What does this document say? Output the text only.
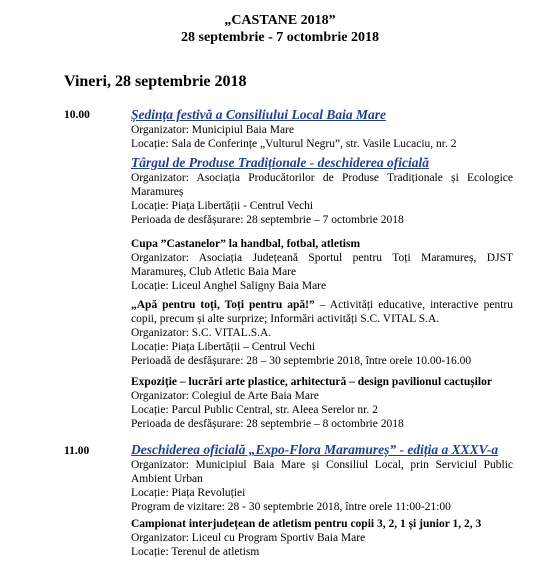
„CASTANE 2018”
28 septembrie - 7 octombrie 2018
Vineri, 28 septembrie 2018
10.00
11.00
Ședința festivă a Consiliului Local Baia Mare
Organizator: Municipiul Baia Mare
Locație: Sala de Conferințe „Vulturul Negru”, str. Vasile Lucaciu, nr. 2
Târgul de Produse Tradiționale - deschiderea oficială
Organizator: Asociația Producătorilor de Produse Tradiționale și Ecologice Maramureș
Locație: Piața Libertății - Centrul Vechi
Perioada de desfășurare: 28 septembrie – 7 octombrie 2018
Cupa ”Castanelor” la handbal, fotbal, atletism
Organizator: Asociația Județeană Sportul pentru Toți Maramureș, DJST Maramureș, Club Atletic Baia Mare
Locație: Liceul Anghel Saligny Baia Mare
„Apă pentru toți, Toți pentru apă!” – Activități educative, interactive pentru copii, precum și alte surprize; Informări activități S.C. VITAL S.A.
Organizator: S.C. VITAL.S.A.
Locație: Piața Libertății – Centrul Vechi
Perioadă de desfășurare: 28 – 30 septembrie 2018, între orele 10.00-16.00
Expoziție – lucrări arte plastice, arhitectură – design pavilionul cactușilor
Organizator: Colegiul de Arte Baia Mare
Locație: Parcul Public Central, str. Aleea Serelor nr. 2
Perioada de desfășurare: 28 septembrie – 8 octombrie 2018
Deschiderea oficială „Expo-Flora Maramureș” - ediția a XXXV-a
Organizator: Municipiul Baia Mare și Consiliul Local, prin Serviciul Public Ambient Urban
Locație: Piața Revoluției
Program de vizitare: 28 - 30 septembrie 2018, între orele 11:00-21:00
Campionat interjudețean de atletism pentru copii 3, 2, 1 și junior 1, 2, 3
Organizator: Liceul cu Program Sportiv Baia Mare
Locație: Terenul de atletism
